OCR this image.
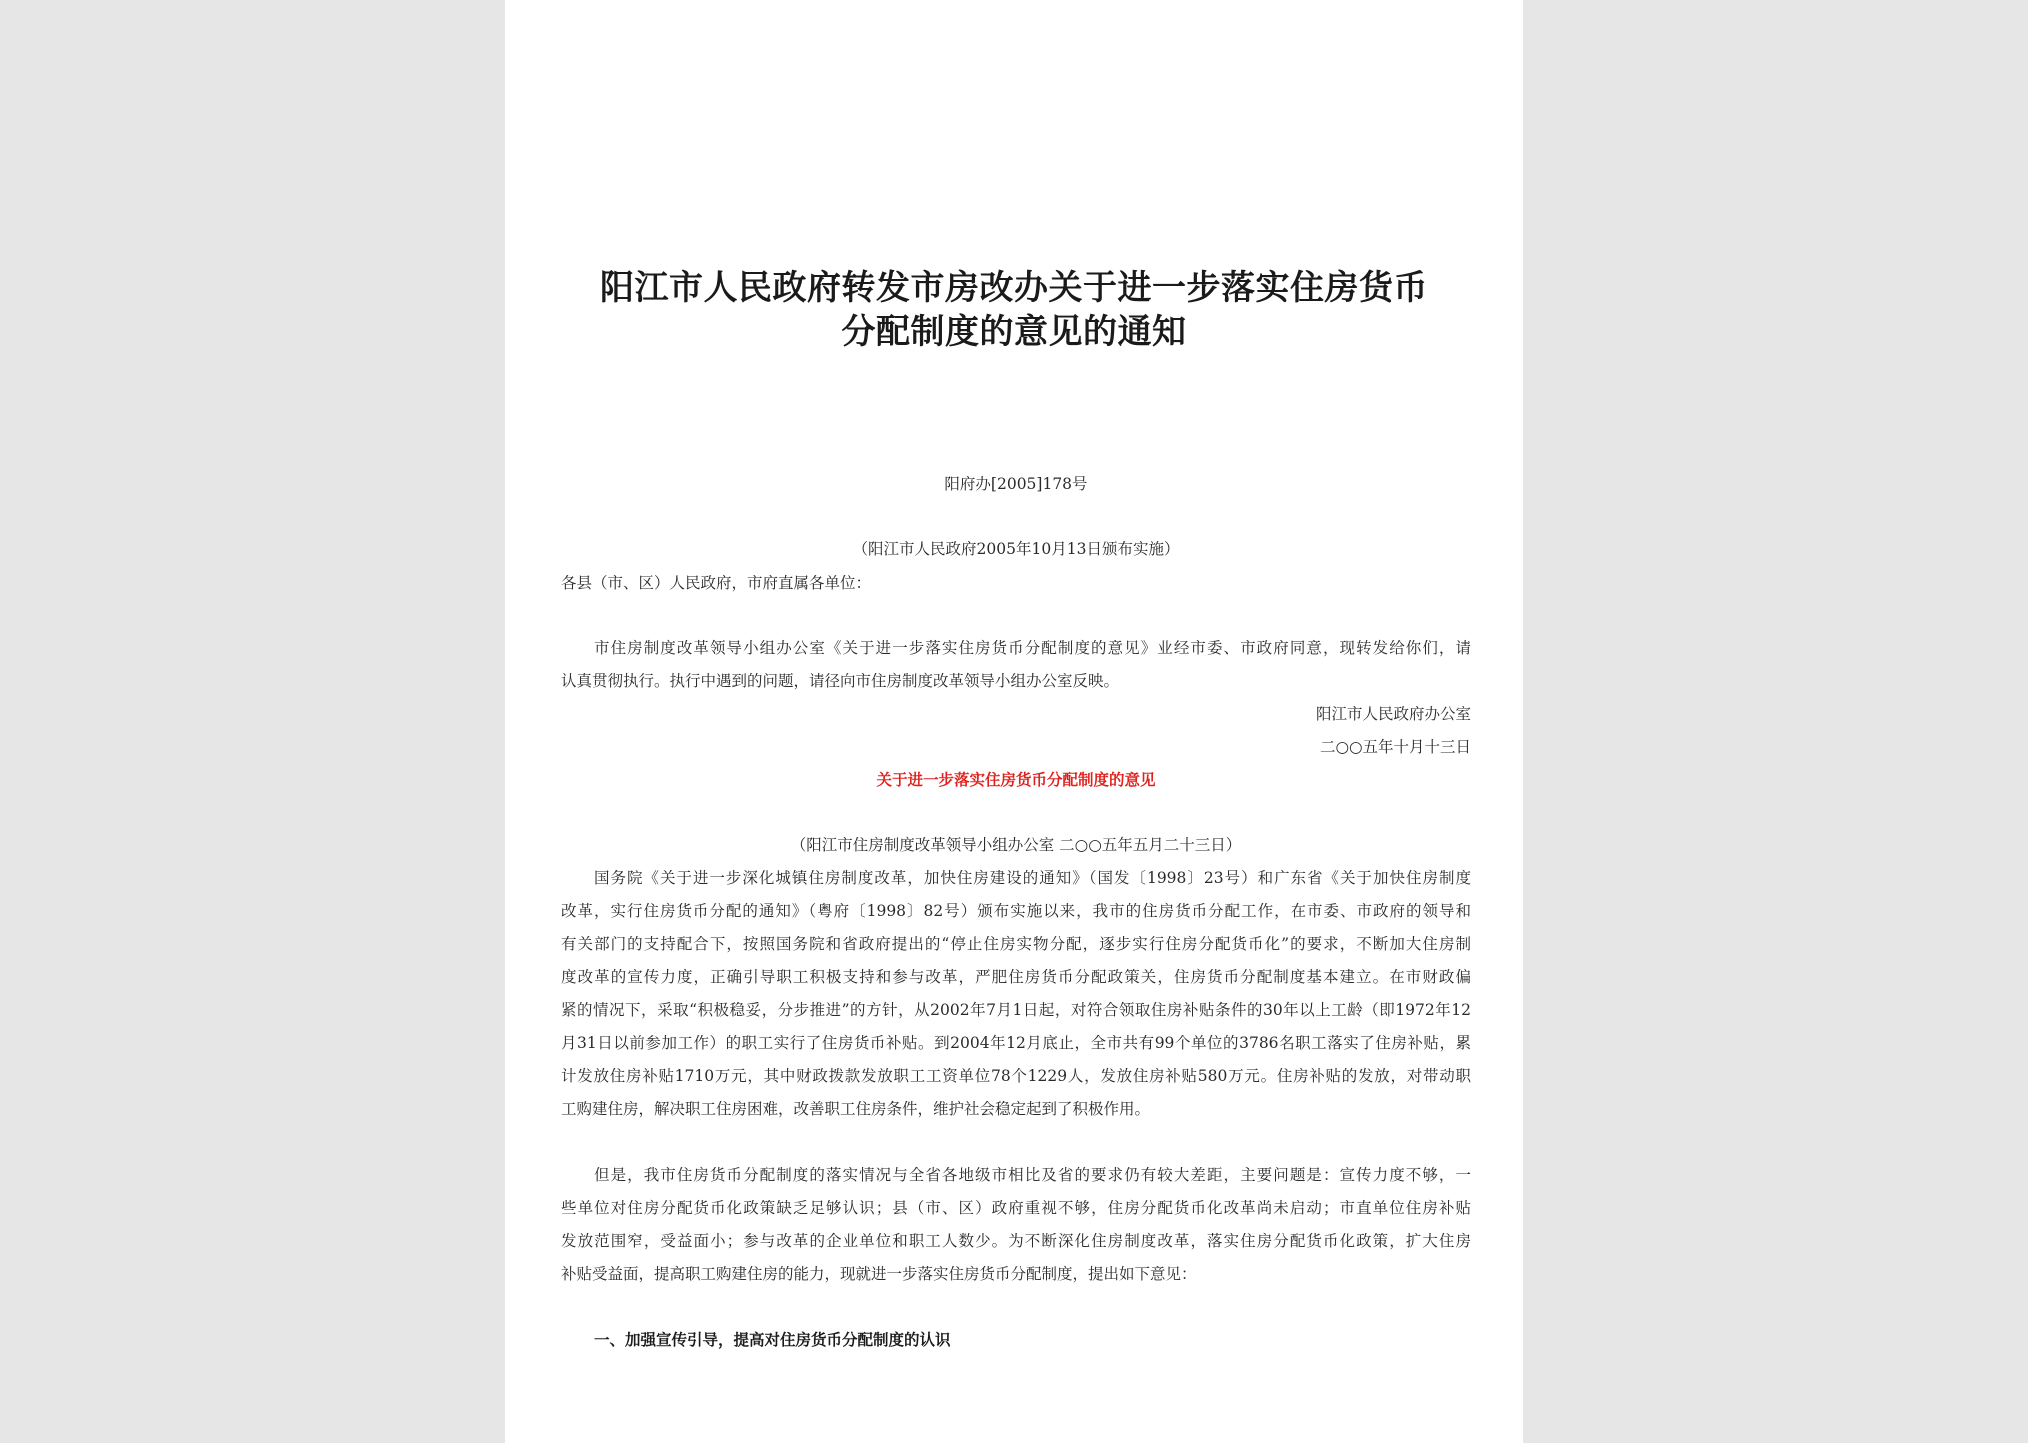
阳江市人民政府转发市房改办关于进一步落实住房货币
分配制度的意见的通知
阳府办[2005]178号
（阳江市人民政府2005年10月13日颁布实施）
各县（市、区）人民政府，市府直属各单位：
市住房制度改革领导小组办公室《关于进一步落实住房货币分配制度的意见》业经市委、市政府同意，现转发给你们，请
认真贯彻执行。执行中遇到的问题，请径向市住房制度改革领导小组办公室反映。
阳江市人民政府办公室
二○○五年十月十三日
关于进一步落实住房货币分配制度的意见
（阳江市住房制度改革领导小组办公室 二○○五年五月二十三日）
国务院《关于进一步深化城镇住房制度改革，加快住房建设的通知》（国发〔1998〕23号）和广东省《关于加快住房制度
改革，实行住房货币分配的通知》（粤府〔1998〕82号）颁布实施以来，我市的住房货币分配工作，在市委、市政府的领导和
有关部门的支持配合下，按照国务院和省政府提出的“停止住房实物分配，逐步实行住房分配货币化”的要求，不断加大住房制
度改革的宣传力度，正确引导职工积极支持和参与改革，严肥住房货币分配政策关，住房货币分配制度基本建立。在市财政偏
紧的情况下，采取“积极稳妥，分步推进”的方针，从2002年7月1日起，对符合领取住房补贴条件的30年以上工龄（即1972年12
月31日以前参加工作）的职工实行了住房货币补贴。到2004年12月底止，全市共有99个单位的3786名职工落实了住房补贴，累
计发放住房补贴1710万元，其中财政拨款发放职工工资单位78个1229人，发放住房补贴580万元。住房补贴的发放，对带动职
工购建住房，解决职工住房困难，改善职工住房条件，维护社会稳定起到了积极作用。
但是，我市住房货币分配制度的落实情况与全省各地级市相比及省的要求仍有较大差距，主要问题是：宣传力度不够，一
些单位对住房分配货币化政策缺乏足够认识；县（市、区）政府重视不够，住房分配货币化改革尚未启动；市直单位住房补贴
发放范围窄，受益面小；参与改革的企业单位和职工人数少。为不断深化住房制度改革，落实住房分配货币化政策，扩大住房
补贴受益面，提高职工购建住房的能力，现就进一步落实住房货币分配制度，提出如下意见：
一、加强宣传引导，提高对住房货币分配制度的认识
